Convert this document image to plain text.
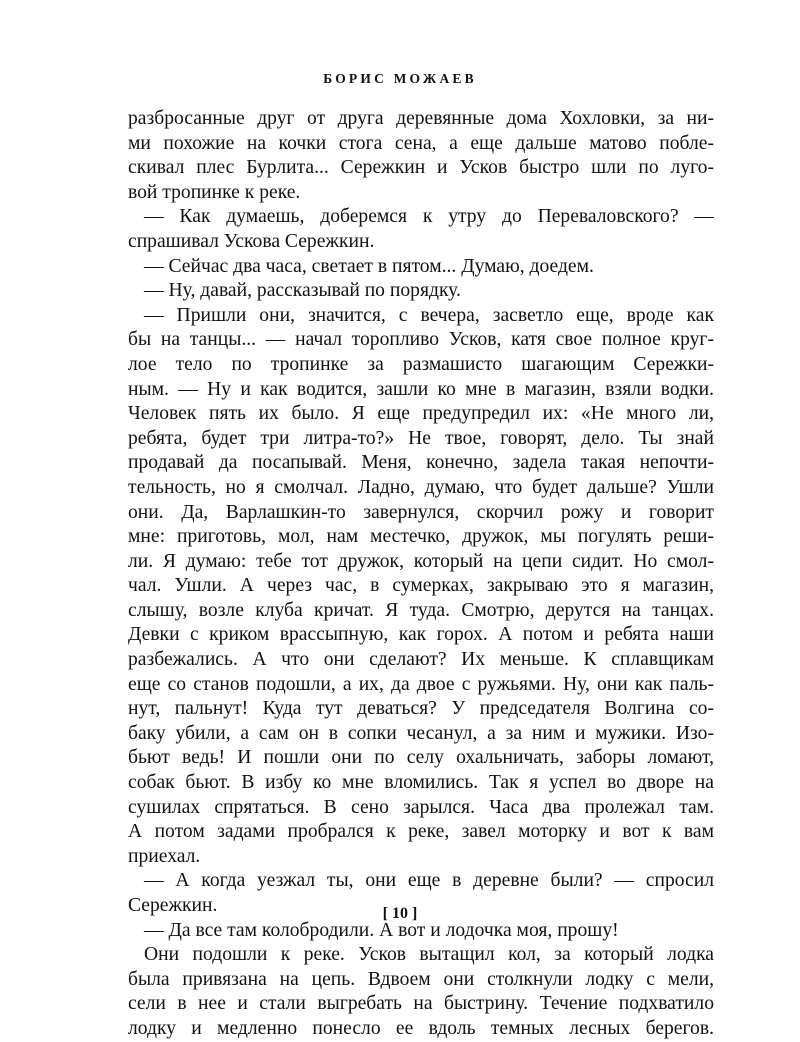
БОРИС МОЖАЕВ
разбросанные друг от друга деревянные дома Хохловки, за ни-
ми похожие на кочки стога сена, а еще дальше матово поблe-
скивал плес Бурлита... Сережкин и Усков быстро шли по луго-
вой тропинке к реке.
— Как думаешь, доберемся к утру до Переваловского? —
спрашивал Ускова Сережкин.
— Сейчас два часа, светает в пятом... Думаю, доедем.
— Ну, давай, рассказывай по порядку.
— Пришли они, значится, с вечера, засветло еще, вроде как
бы на танцы... — начал торопливо Усков, катя свое полное круг-
лое тело по тропинке за размашисто шагающим Сережки-
ным. — Ну и как водится, зашли ко мне в магазин, взяли водки.
Человек пять их было. Я еще предупредил их: «Не много ли,
ребята, будет три литра-то?» Не твое, говорят, дело. Ты знай
продавай да посапывай. Меня, конечно, задела такая непочти-
тельность, но я смолчал. Ладно, думаю, что будет дальше? Ушли
они. Да, Варлашкин-то завернулся, скорчил рожу и говорит
мне: приготовь, мол, нам местечко, дружок, мы погулять реши-
ли. Я думаю: тебе тот дружок, который на цепи сидит. Но смол-
чал. Ушли. А через час, в сумерках, закрываю это я магазин,
слышу, возле клуба кричат. Я туда. Смотрю, дерутся на танцах.
Девки с криком врассыпную, как горох. А потом и ребята наши
разбежались. А что они сделают? Их меньше. К сплавщикам
еще со станов подошли, а их, да двое с ружьями. Ну, они как паль-
нут, пальнут! Куда тут деваться? У председателя Волгина со-
баку убили, а сам он в сопки чесанул, а за ним и мужики. Изо-
бьют ведь! И пошли они по селу охальничать, заборы ломают,
собак бьют. В избу ко мне вломились. Так я успел во дворе на
сушилах спрятаться. В сено зарылся. Часа два пролежал там.
А потом задами пробрался к реке, завел моторку и вот к вам
приехал.
— А когда уезжал ты, они еще в деревне были? — спросил
Сережкин.
— Да все там колобродили. А вот и лодочка моя, прошу!
Они подошли к реке. Усков вытащил кол, за который лодка
была привязана на цепь. Вдвоем они столкнули лодку с мели,
сели в нее и стали выгребать на быстрину. Течение подхватило
лодку и медленно понесло ее вдоль темных лесных берегов.
[ 10 ]
